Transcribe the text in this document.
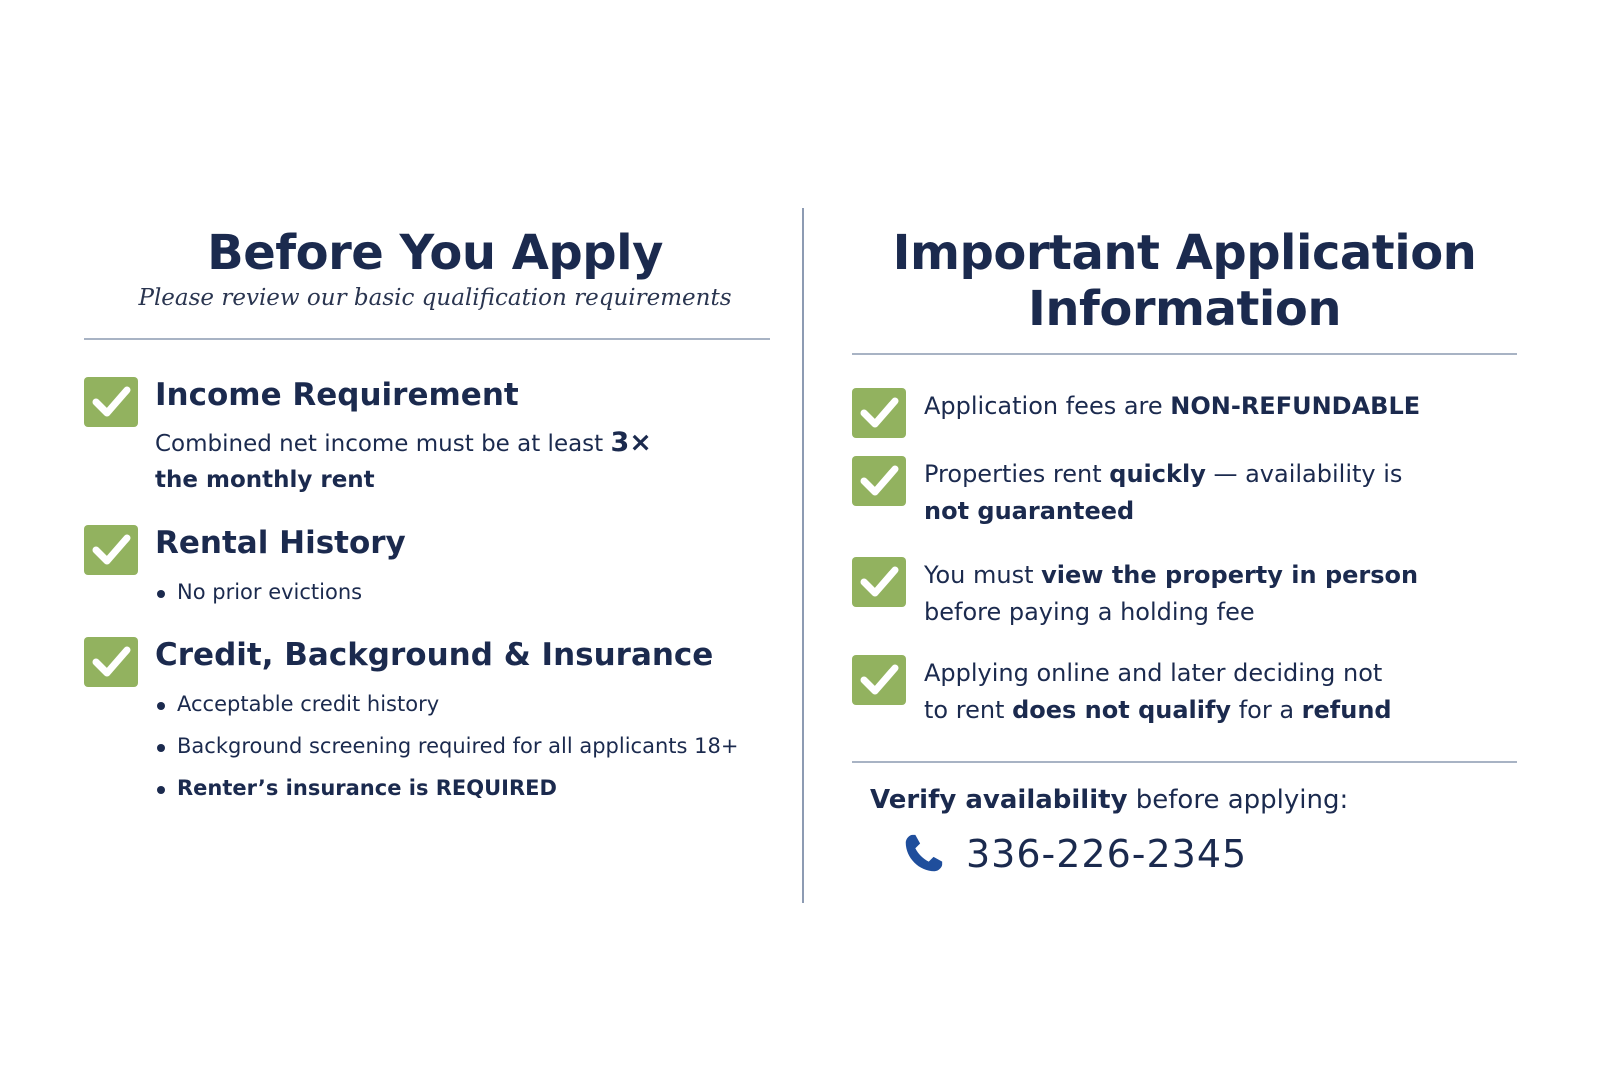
Before You Apply

Please review our basic qualification requirements

Income Requirement

Combined net income must be at least 3×
the monthly rent

Rental History
No prior evictions
Credit, Background & Insurance
Acceptable credit history
Background screening required for all applicants 18+
Renter’s insurance is REQUIRED
Important Application
Information
Application fees are NON-REFUNDABLE
Properties rent quickly — availability is
not guaranteed
You must view the property in person
before paying a holding fee
Applying online and later deciding not
to rent does not qualify for a refund

Verify availability before applying:

336-226-2345
